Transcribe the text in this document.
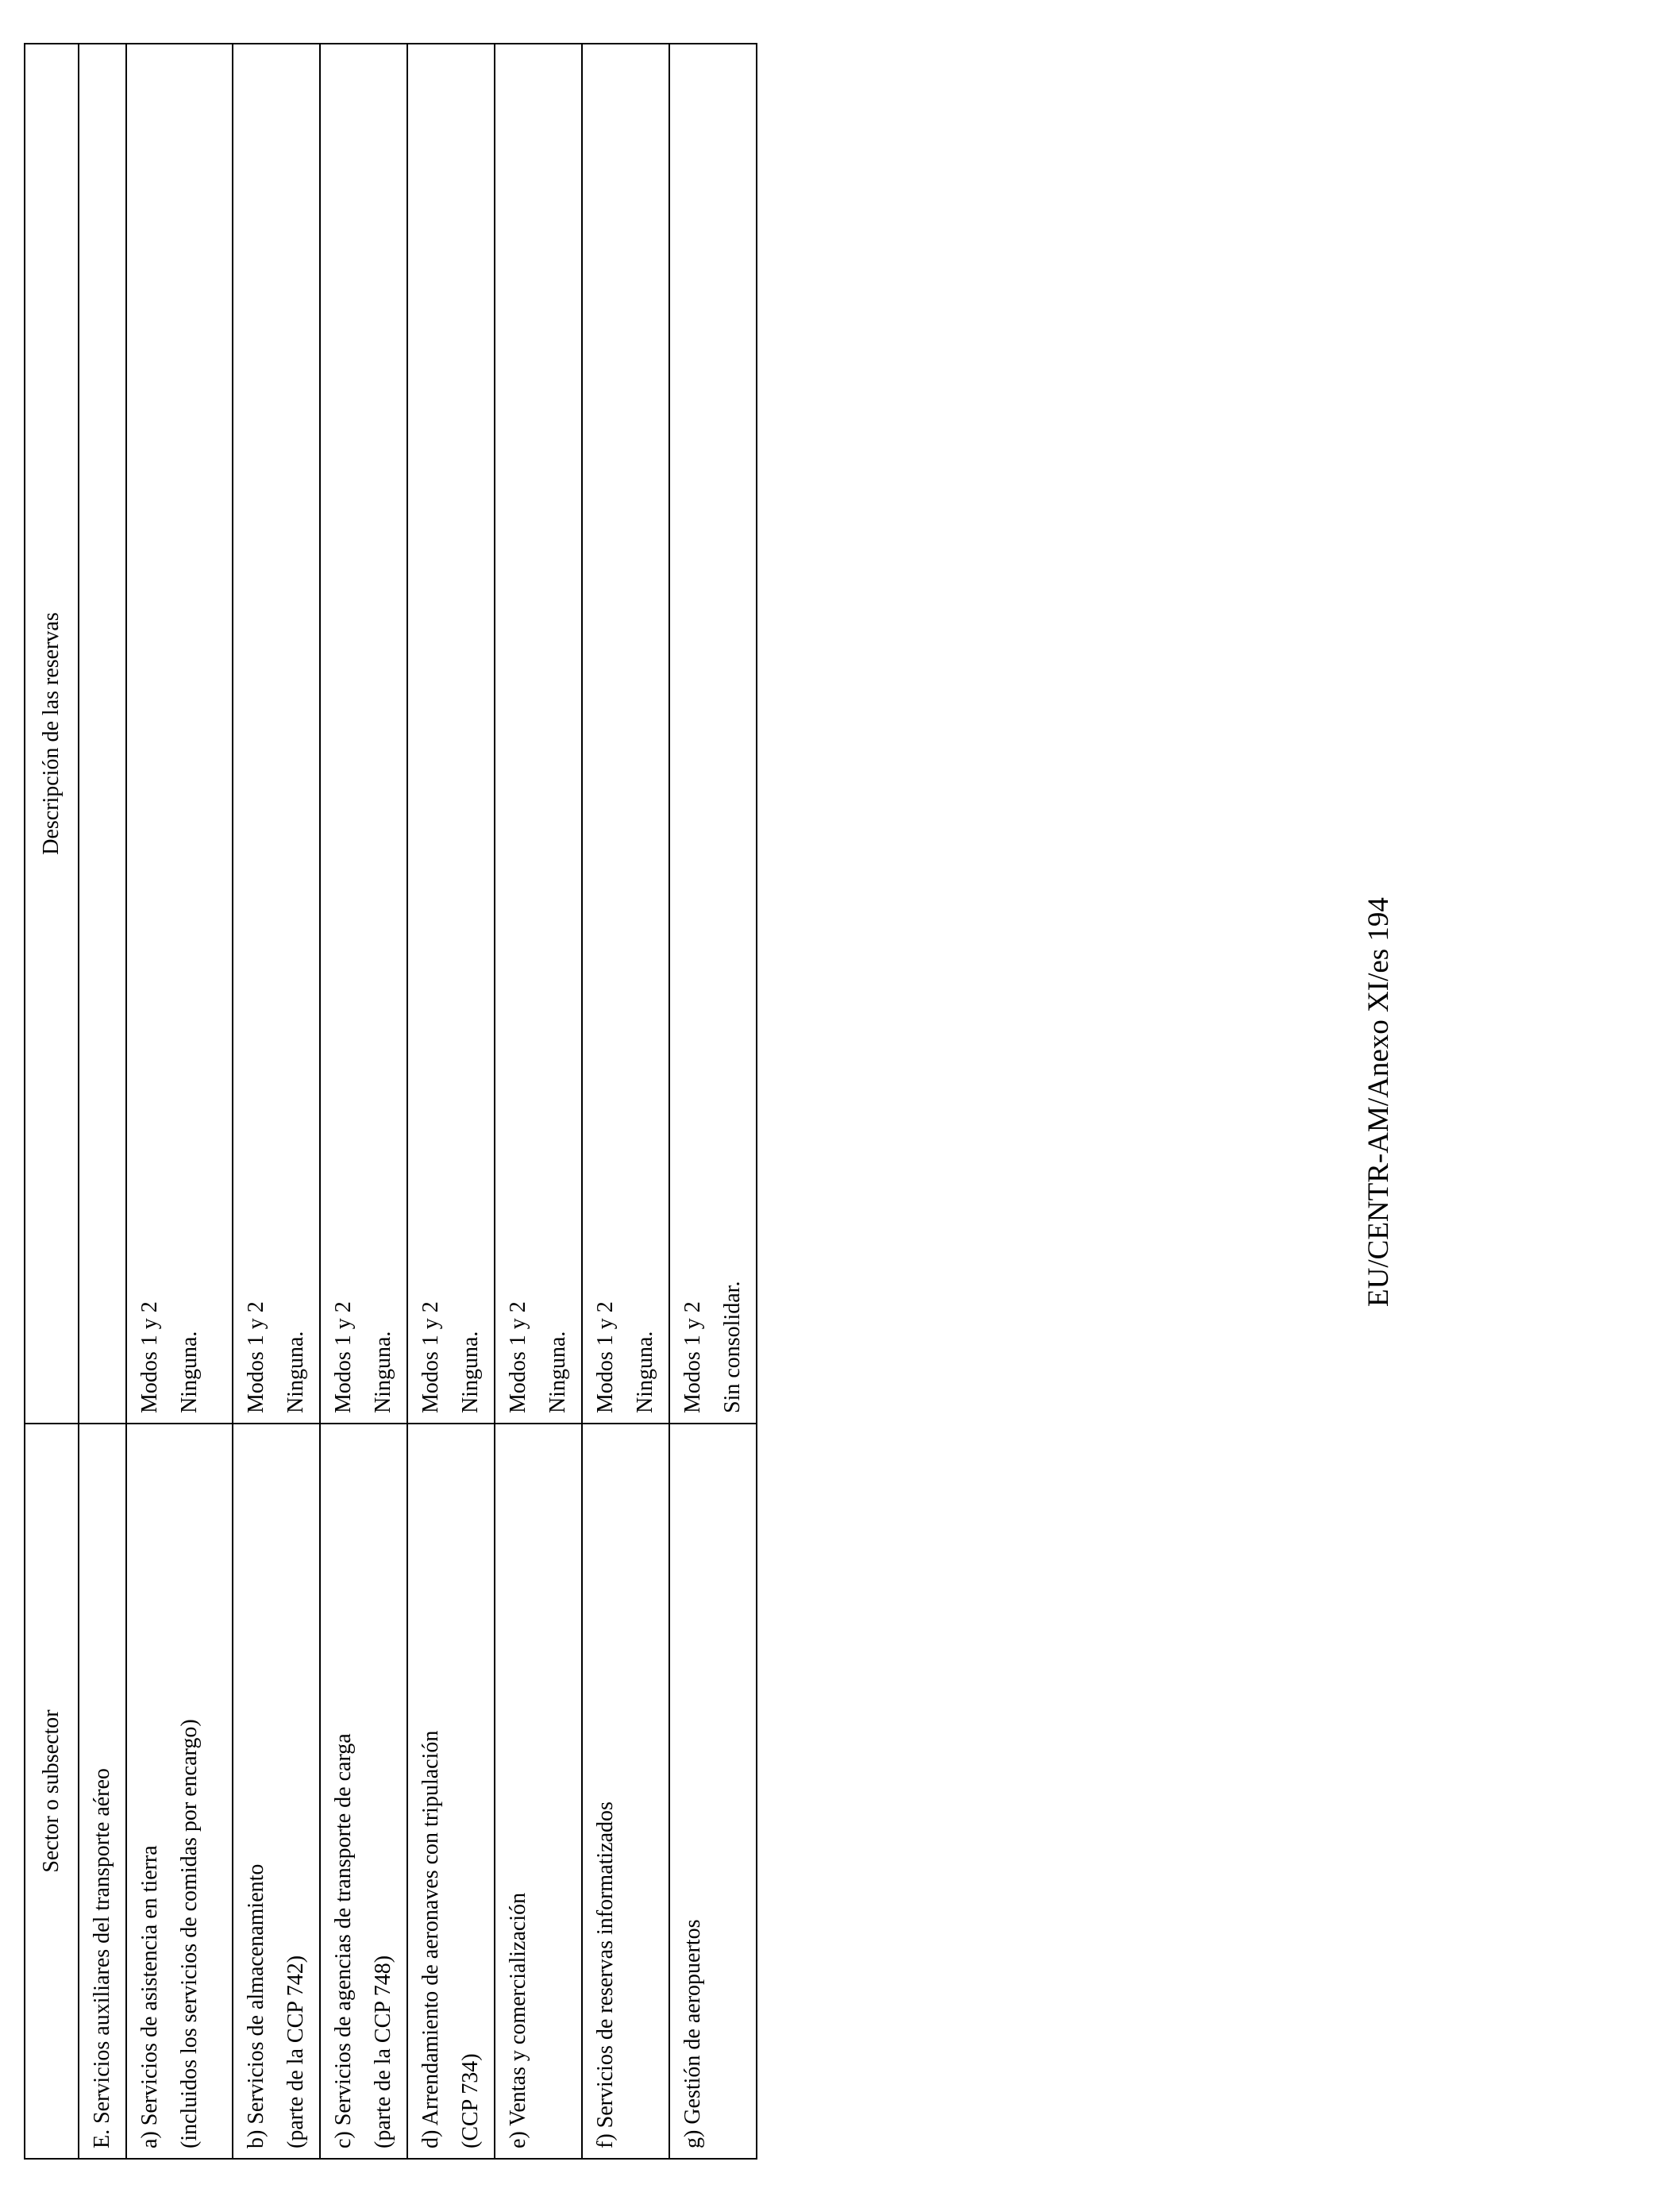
Sector o subsector	Descripción de las reservas
E. Servicios auxiliares del transporte aéreo	

a) Servicios de asistencia en tierra (incluidos los servicios de comidas por encargo)	Modos 1 y 2 Ninguna.

b) Servicios de almacenamiento (parte de la CCP 742)	Modos 1 y 2 Ninguna.

c) Servicios de agencias de transporte de carga (parte de la CCP 748)	Modos 1 y 2 Ninguna.

d) Arrendamiento de aeronaves con tripulación (CCP 734)	Modos 1 y 2 Ninguna.

e) Ventas y comercialización	Modos 1 y 2 Ninguna.

f) Servicios de reservas informatizados	Modos 1 y 2 Ninguna.

g) Gestión de aeropuertos	Modos 1 y 2 Sin consolidar.
EU/CENTR-AM/Anexo XI/es 194
